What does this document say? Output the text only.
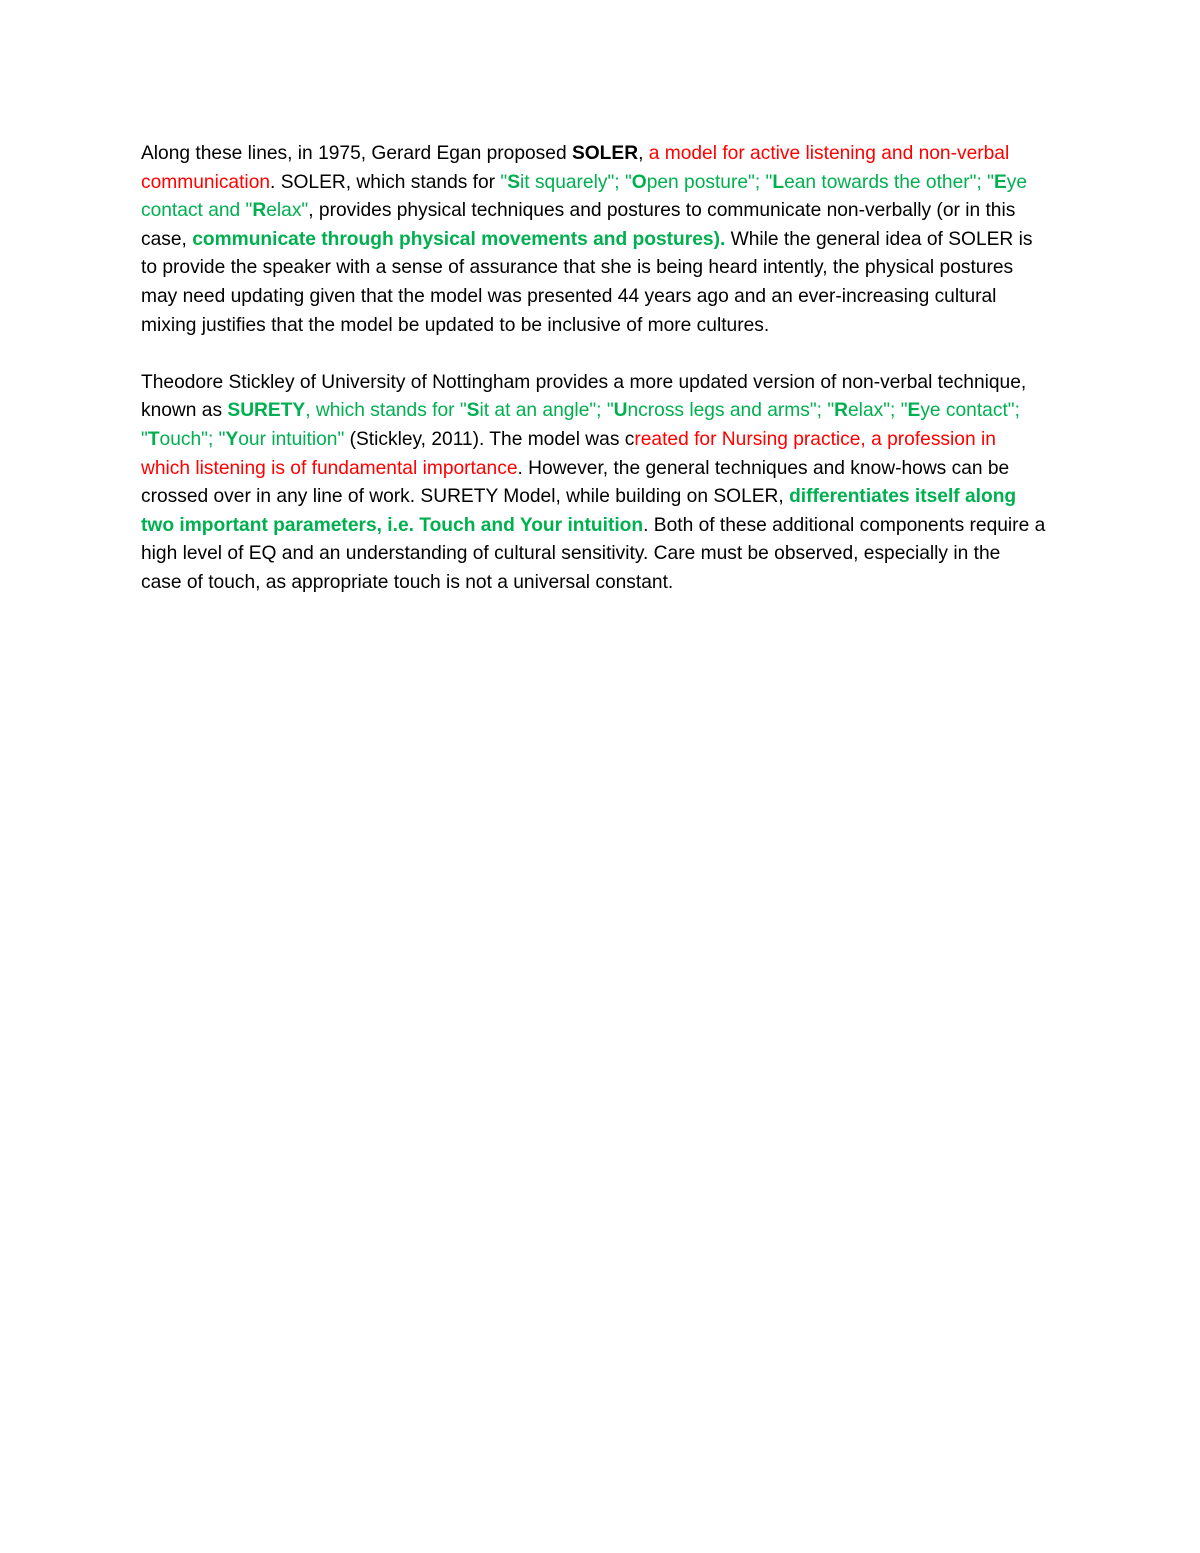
Along these lines, in 1975, Gerard Egan proposed SOLER, a model for active listening and non-verbal communication. SOLER, which stands for "Sit squarely"; "Open posture"; "Lean towards the other"; "Eye contact and "Relax", provides physical techniques and postures to communicate non-verbally (or in this case, communicate through physical movements and postures). While the general idea of SOLER is to provide the speaker with a sense of assurance that she is being heard intently, the physical postures may need updating given that the model was presented 44 years ago and an ever-increasing cultural mixing justifies that the model be updated to be inclusive of more cultures.

Theodore Stickley of University of Nottingham provides a more updated version of non-verbal technique, known as SURETY, which stands for "Sit at an angle"; "Uncross legs and arms"; "Relax"; "Eye contact"; "Touch"; "Your intuition" (Stickley, 2011). The model was created for Nursing practice, a profession in which listening is of fundamental importance. However, the general techniques and know-hows can be crossed over in any line of work. SURETY Model, while building on SOLER, differentiates itself along two important parameters, i.e. Touch and Your intuition. Both of these additional components require a high level of EQ and an understanding of cultural sensitivity. Care must be observed, especially in the case of touch, as appropriate touch is not a universal constant.
